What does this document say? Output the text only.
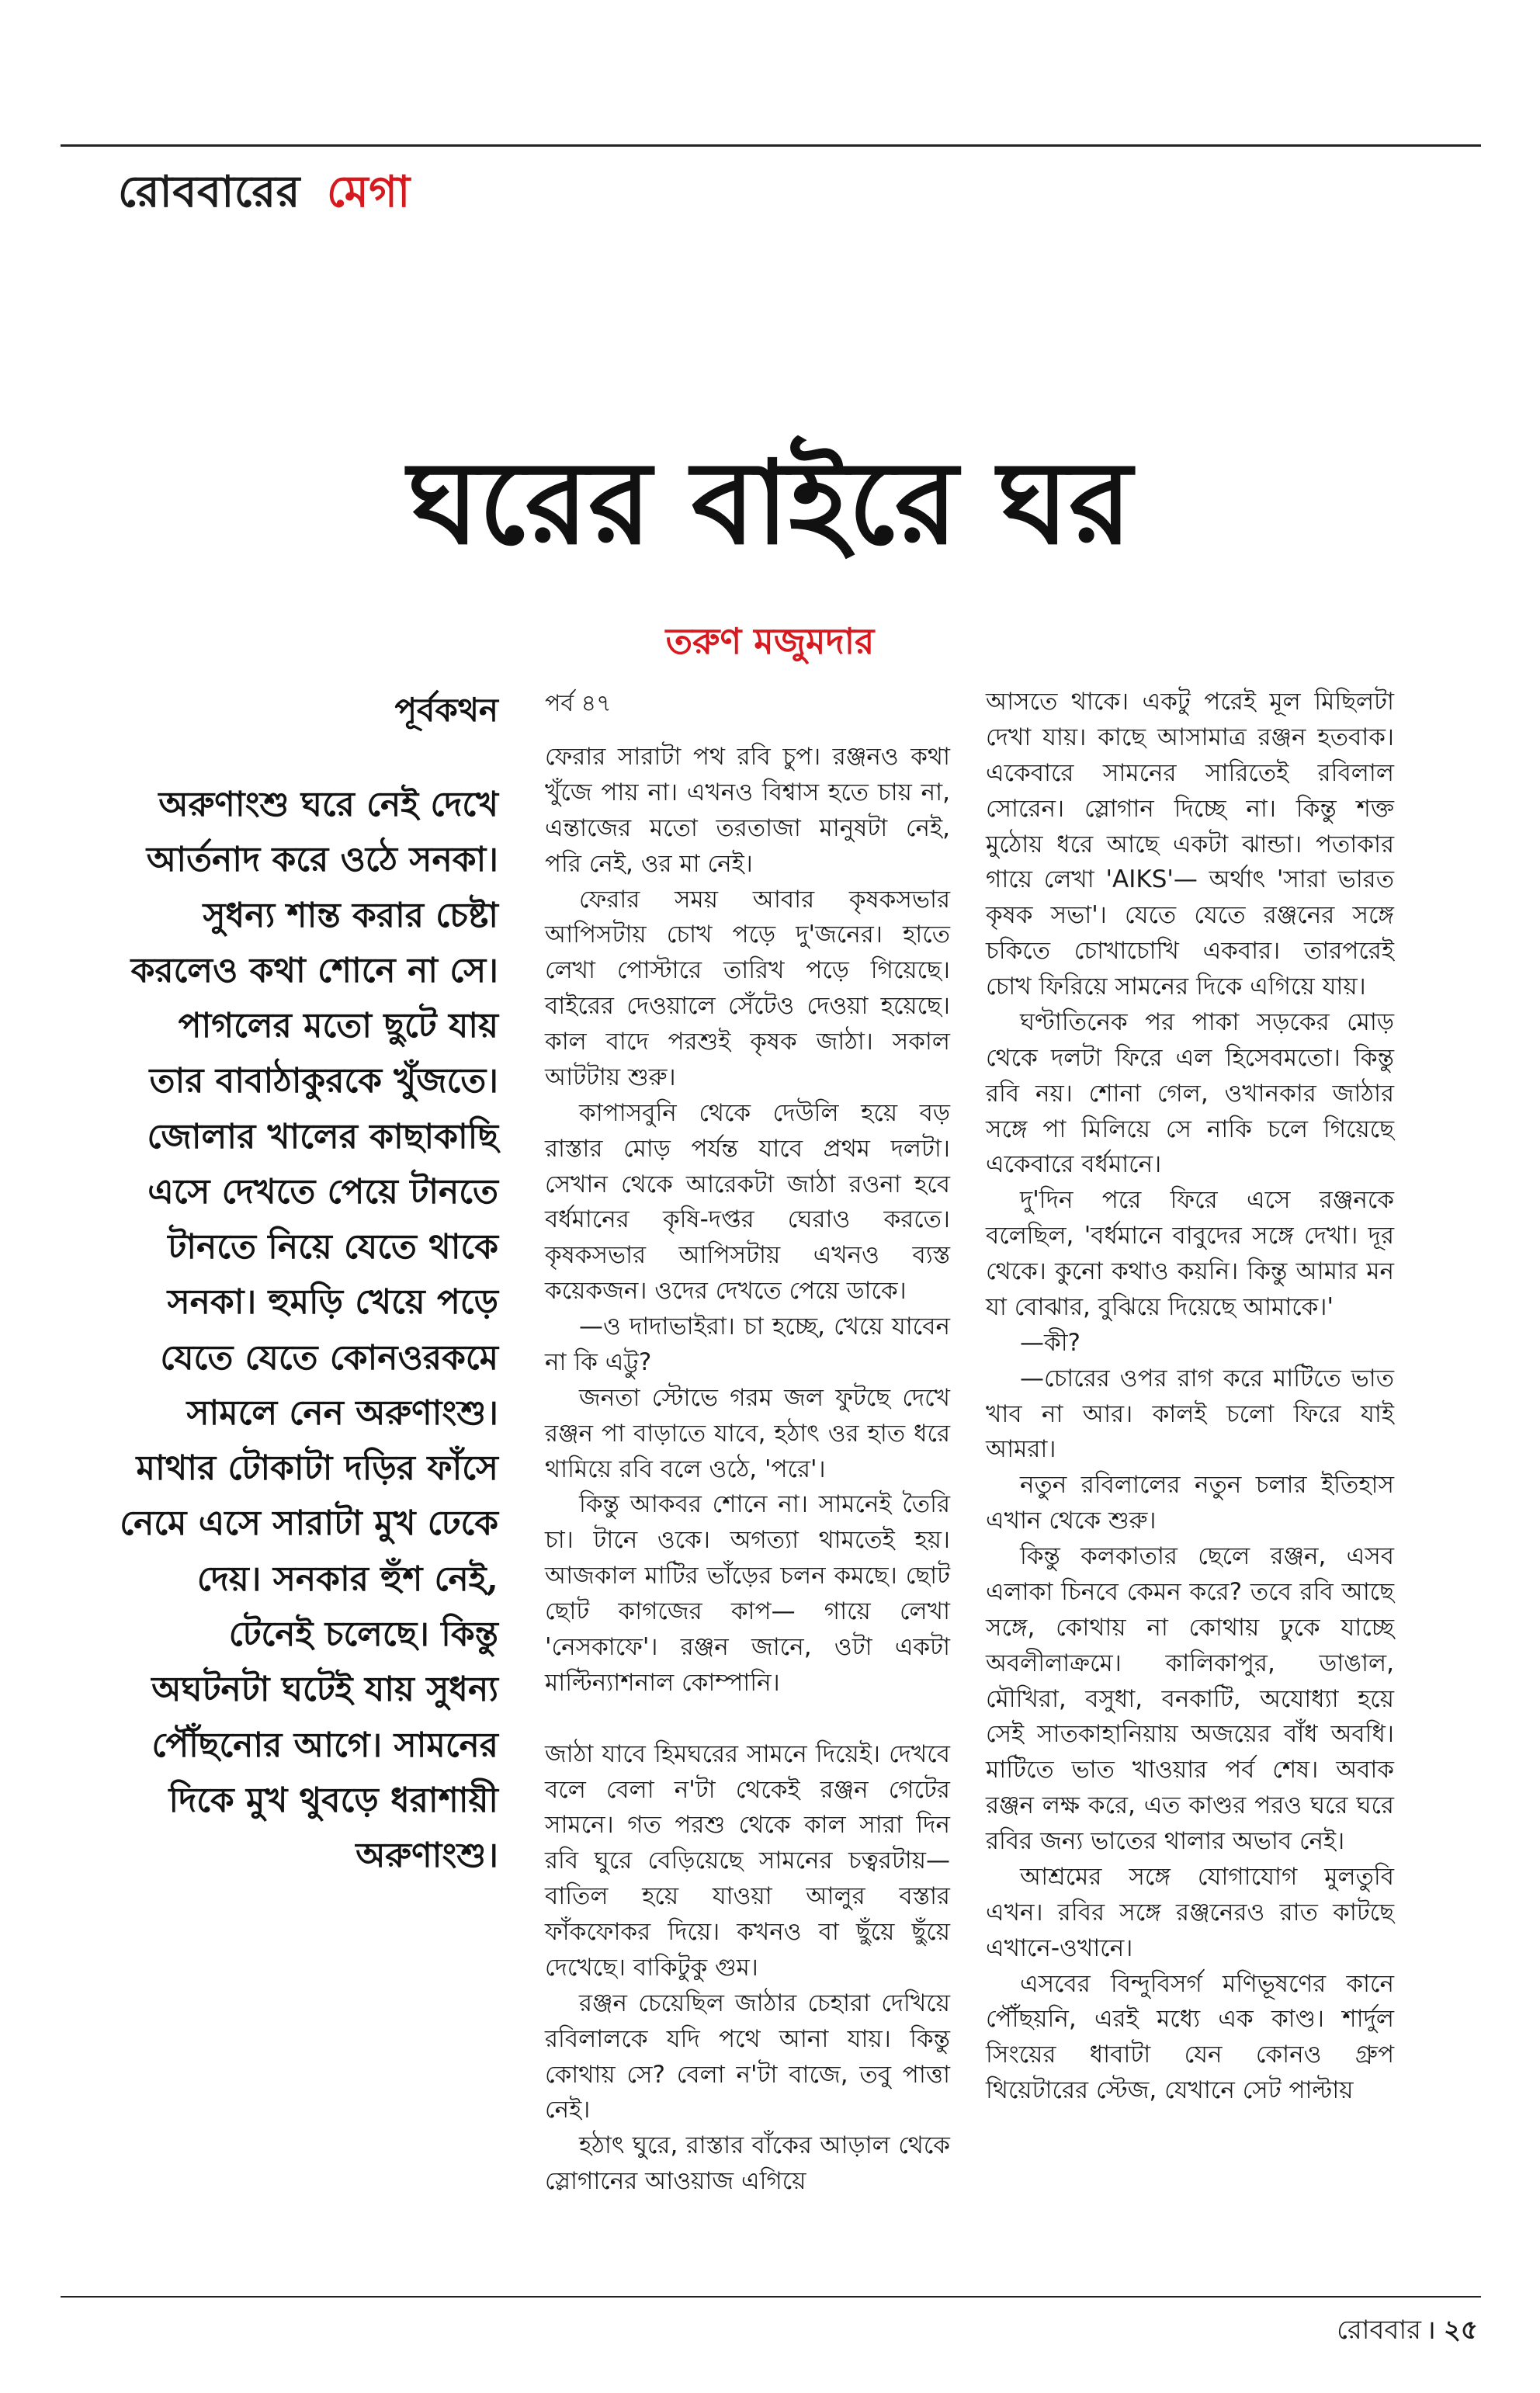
রোববারের মেগা
ঘরের বাইরে ঘর
তরুণ মজুমদার
পূর্বকথন
অরুণাংশু ঘরে নেই দেখে আর্তনাদ করে ওঠে সনকা। সুধন্য শান্ত করার চেষ্টা করলেও কথা শোনে না সে। পাগলের মতো ছুটে যায় তার বাবাঠাকুরকে খুঁজতে। জোলার খালের কাছাকাছি এসে দেখতে পেয়ে টানতে টানতে নিয়ে যেতে থাকে সনকা। হুমড়ি খেয়ে পড়ে যেতে যেতে কোনওরকমে সামলে নেন অরুণাংশু। মাথার টোকাটা দড়ির ফাঁসে নেমে এসে সারাটা মুখ ঢেকে দেয়। সনকার হুঁশ নেই, টেনেই চলেছে। কিন্তু অঘটনটা ঘটেই যায় সুধন্য পৌঁছনোর আগে। সামনের দিকে মুখ থুবড়ে ধরাশায়ী অরুণাংশু।
পর্ব ৪৭

ফেরার সারাটা পথ রবি চুপ। রঞ্জনও কথা খুঁজে পায় না। এখনও বিশ্বাস হতে চায় না, এন্তাজের মতো তরতাজা মানুষটা নেই, পরি নেই, ওর মা নেই।

ফেরার সময় আবার কৃষকসভার আপিসটায় চোখ পড়ে দু'জনের। হাতে লেখা পোস্টারে তারিখ পড়ে গিয়েছে। বাইরের দেওয়ালে সেঁটেও দেওয়া হয়েছে। কাল বাদে পরশুই কৃষক জাঠা। সকাল আটটায় শুরু।

কাপাসবুনি থেকে দেউলি হয়ে বড় রাস্তার মোড় পর্যন্ত যাবে প্রথম দলটা। সেখান থেকে আরেকটা জাঠা রওনা হবে বর্ধমানের কৃষি-দপ্তর ঘেরাও করতে। কৃষকসভার আপিসটায় এখনও ব্যস্ত কয়েকজন। ওদের দেখতে পেয়ে ডাকে।

—ও দাদাভাইরা। চা হচ্ছে, খেয়ে যাবেন না কি এট্টু?

জনতা স্টোভে গরম জল ফুটছে দেখে রঞ্জন পা বাড়াতে যাবে, হঠাৎ ওর হাত ধরে থামিয়ে রবি বলে ওঠে, 'পরে'।

কিন্তু আকবর শোনে না। সামনেই তৈরি চা। টানে ওকে। অগত্যা থামতেই হয়। আজকাল মাটির ভাঁড়ের চলন কমছে। ছোট ছোট কাগজের কাপ— গায়ে লেখা 'নেসকাফে'। রঞ্জন জানে, ওটা একটা মাল্টিন্যাশনাল কোম্পানি।

জাঠা যাবে হিমঘরের সামনে দিয়েই। দেখবে বলে বেলা ন'টা থেকেই রঞ্জন গেটের সামনে। গত পরশু থেকে কাল সারা দিন রবি ঘুরে বেড়িয়েছে সামনের চত্বরটায়— বাতিল হয়ে যাওয়া আলুর বস্তার ফাঁকফোকর দিয়ে। কখনও বা ছুঁয়ে ছুঁয়ে দেখেছে। বাকিটুকু গুম।

রঞ্জন চেয়েছিল জাঠার চেহারা দেখিয়ে রবিলালকে যদি পথে আনা যায়। কিন্তু কোথায় সে? বেলা ন'টা বাজে, তবু পাত্তা নেই।

হঠাৎ ঘুরে, রাস্তার বাঁকের আড়াল থেকে স্লোগানের আওয়াজ এগিয়ে

আসতে থাকে। একটু পরেই মূল মিছিলটা দেখা যায়। কাছে আসামাত্র রঞ্জন হতবাক। একেবারে সামনের সারিতেই রবিলাল সোরেন। স্লোগান দিচ্ছে না। কিন্তু শক্ত মুঠোয় ধরে আছে একটা ঝান্ডা। পতাকার গায়ে লেখা 'AIKS'— অর্থাৎ 'সারা ভারত কৃষক সভা'। যেতে যেতে রঞ্জনের সঙ্গে চকিতে চোখাচোখি একবার। তারপরেই চোখ ফিরিয়ে সামনের দিকে এগিয়ে যায়।

ঘণ্টাতিনেক পর পাকা সড়কের মোড় থেকে দলটা ফিরে এল হিসেবমতো। কিন্তু রবি নয়। শোনা গেল, ওখানকার জাঠার সঙ্গে পা মিলিয়ে সে নাকি চলে গিয়েছে একেবারে বর্ধমানে।

দু'দিন পরে ফিরে এসে রঞ্জনকে বলেছিল, 'বর্ধমানে বাবুদের সঙ্গে দেখা। দূর থেকে। কুনো কথাও কয়নি। কিন্তু আমার মন যা বোঝার, বুঝিয়ে দিয়েছে আমাকে।'

—কী?

—চোরের ওপর রাগ করে মাটিতে ভাত খাব না আর। কালই চলো ফিরে যাই আমরা।

নতুন রবিলালের নতুন চলার ইতিহাস এখান থেকে শুরু।

কিন্তু কলকাতার ছেলে রঞ্জন, এসব এলাকা চিনবে কেমন করে? তবে রবি আছে সঙ্গে, কোথায় না কোথায় ঢুকে যাচ্ছে অবলীলাক্রমে। কালিকাপুর, ডাঙাল, মৌখিরা, বসুধা, বনকাটি, অযোধ্যা হয়ে সেই সাতকাহানিয়ায় অজয়ের বাঁধ অবধি। মাটিতে ভাত খাওয়ার পর্ব শেষ। অবাক রঞ্জন লক্ষ করে, এত কাণ্ডর পরও ঘরে ঘরে রবির জন্য ভাতের থালার অভাব নেই।

আশ্রমের সঙ্গে যোগাযোগ মুলতুবি এখন। রবির সঙ্গে রঞ্জনেরও রাত কাটছে এখানে-ওখানে।

এসবের বিন্দুবিসর্গ মণিভূষণের কানে পৌঁছয়নি, এরই মধ্যে এক কাণ্ড। শার্দুল সিংয়ের ধাবাটা যেন কোনও গ্রুপ থিয়েটারের স্টেজ, যেখানে সেট পাল্টায়

রোববার । ২৫
